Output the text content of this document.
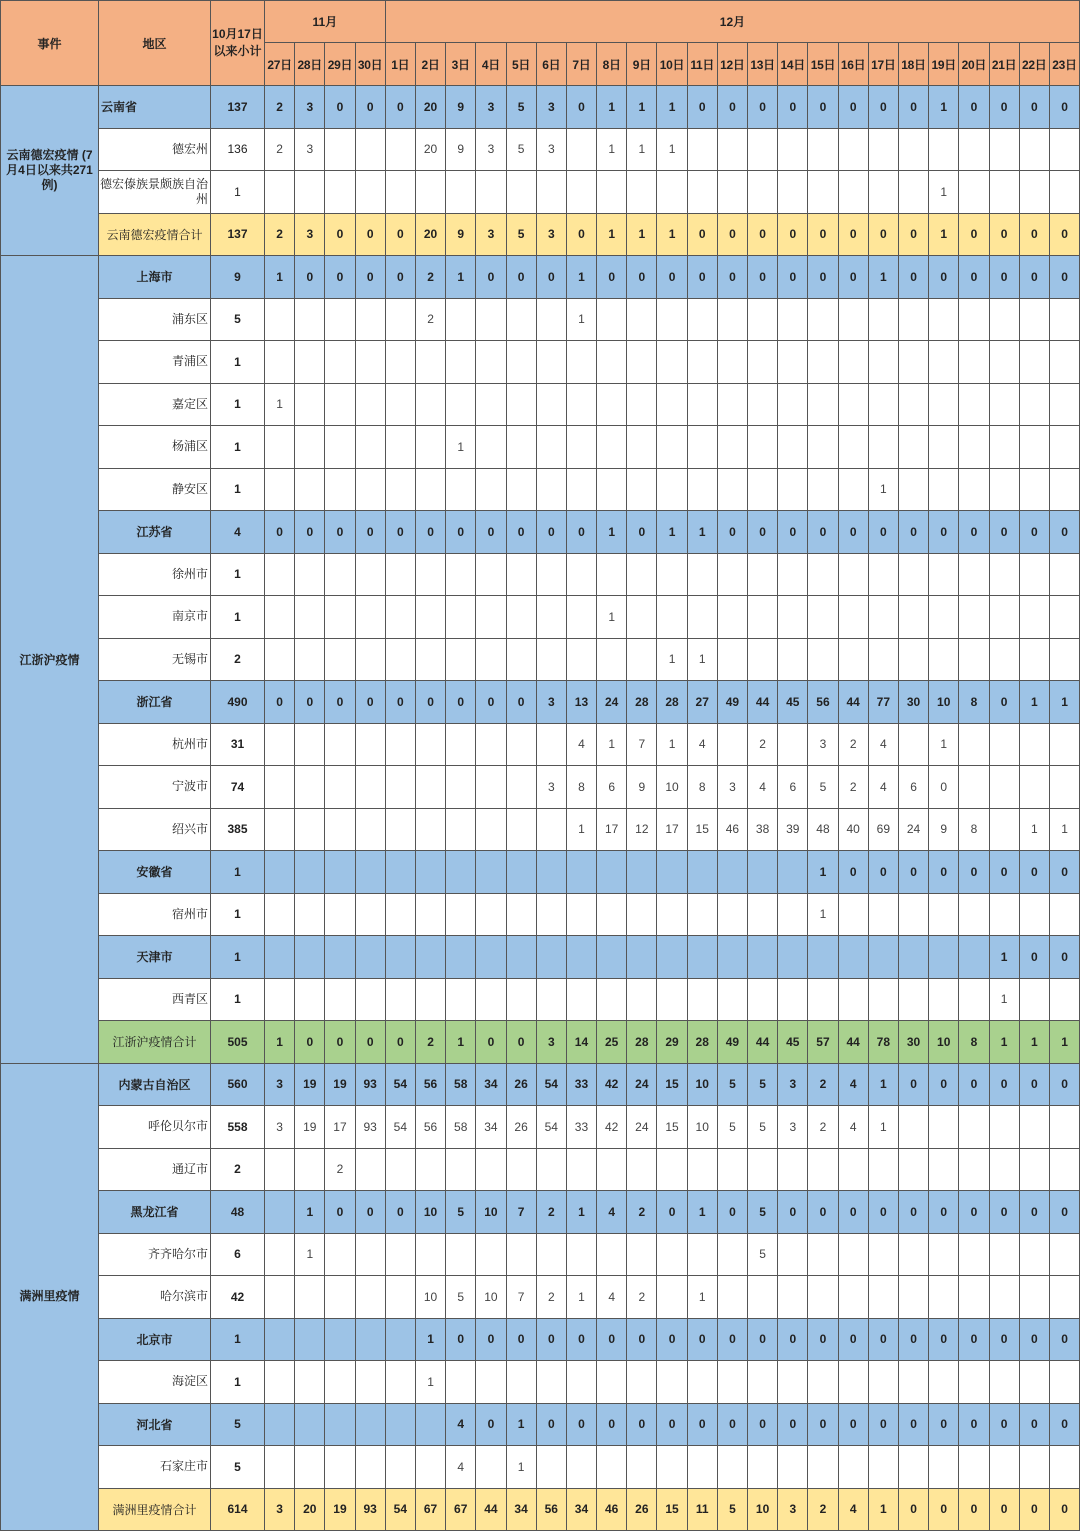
事件	地区	10月17日以来小计	11月				12月																						
			27日	28日	29日	30日	1日	2日	3日	4日	5日	6日	7日	8日	9日	10日	11日	12日	13日	14日	15日	16日	17日	18日	19日	20日	21日	22日	23日
云南德宏疫情 (7月4日以来共271例)	云南省	137	2	3	0	0	0	20	9	3	5	3	0	1	1	1	0	0	0	0	0	0	0	0	1	0	0	0	0
	德宏州	136	2	3				20	9	3	5	3		1	1	1													
	德宏傣族景颇族自治州	1																							1				
	云南德宏疫情合计	137	2	3	0	0	0	20	9	3	5	3	0	1	1	1	0	0	0	0	0	0	0	0	1	0	0	0	0
江浙沪疫情	上海市	9	1	0	0	0	0	2	1	0	0	0	1	0	0	0	0	0	0	0	0	0	1	0	0	0	0	0	0
	浦东区	5						2					1																
	青浦区	1																											
	嘉定区	1	1																										
	杨浦区	1							1																				
	静安区	1																					1						
	江苏省	4	0	0	0	0	0	0	0	0	0	0	0	1	0	1	1	0	0	0	0	0	0	0	0	0	0	0	0
	徐州市	1																											
	南京市	1												1															
	无锡市	2														1	1												
	浙江省	490	0	0	0	0	0	0	0	0	0	3	13	24	28	28	27	49	44	45	56	44	77	30	10	8	0	1	1
	杭州市	31											4	1	7	1	4		2		3	2	4		1				
	宁波市	74										3	8	6	9	10	8	3	4	6	5	2	4	6	0				
	绍兴市	385											1	17	12	17	15	46	38	39	48	40	69	24	9	8		1	1
	安徽省	1																			1	0	0	0	0	0	0	0	0
	宿州市	1																			1								
	天津市	1																									1	0	0
	西青区	1																									1		
	江浙沪疫情合计	505	1	0	0	0	0	2	1	0	0	3	14	25	28	29	28	49	44	45	57	44	78	30	10	8	1	1	1
满洲里疫情	内蒙古自治区	560	3	19	19	93	54	56	58	34	26	54	33	42	24	15	10	5	5	3	2	4	1	0	0	0	0	0	0
	呼伦贝尔市	558	3	19	17	93	54	56	58	34	26	54	33	42	24	15	10	5	5	3	2	4	1						
	通辽市	2			2																								
	黑龙江省	48		1	0	0	0	10	5	10	7	2	1	4	2	0	1	0	5	0	0	0	0	0	0	0	0	0	0
	齐齐哈尔市	6		1															5										
	哈尔滨市	42						10	5	10	7	2	1	4	2		1												
	北京市	1						1	0	0	0	0	0	0	0	0	0	0	0	0	0	0	0	0	0	0	0	0	0
	海淀区	1						1																					
	河北省	5							4	0	1	0	0	0	0	0	0	0	0	0	0	0	0	0	0	0	0	0	0
	石家庄市	5							4		1																		
	满洲里疫情合计	614	3	20	19	93	54	67	67	44	34	56	34	46	26	15	11	5	10	3	2	4	1	0	0	0	0	0	0
